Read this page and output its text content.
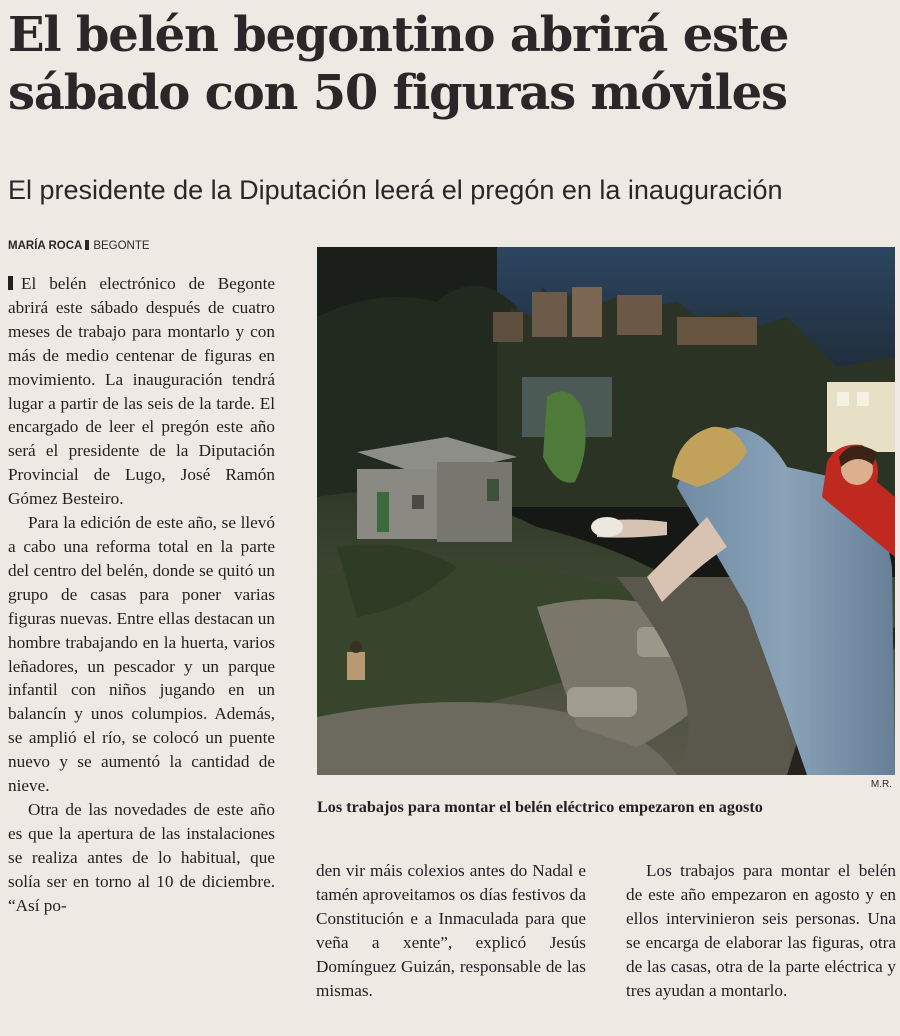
El belén begontino abrirá este
sábado con 50 figuras móviles
El presidente de la Diputación leerá el pregón en la inauguración
MARÍA ROCA BEGONTE

El belén electrónico de Begonte abrirá este sábado después de cuatro meses de trabajo para montarlo y con más de medio centenar de figuras en movimiento. La inauguración tendrá lugar a partir de las seis de la tarde. El encargado de leer el pregón este año será el presidente de la Diputación Provincial de Lugo, José Ramón Gómez Besteiro.

Para la edición de este año, se llevó a cabo una reforma total en la parte del centro del belén, donde se quitó un grupo de casas para poner varias figuras nuevas. Entre ellas destacan un hombre trabajando en la huerta, varios leñadores, un pescador y un parque infantil con niños jugando en un balancín y unos columpios. Además, se amplió el río, se colocó un puente nuevo y se aumentó la cantidad de nieve.

Otra de las novedades de este año es que la apertura de las instalaciones se realiza antes de lo habitual, que solía ser en torno al 10 de diciembre. “Así po-

M.R.

Los trabajos para montar el belén eléctrico empezaron en agosto

den vir máis colexios antes do Nadal e tamén aproveitamos os días festivos da Constitución e a Inmaculada para que veña a xente”, explicó Jesús Domínguez Guizán, responsable de las mismas.

Los trabajos para montar el belén de este año empezaron en agosto y en ellos intervinieron seis personas. Una se encarga de elaborar las figuras, otra de las casas, otra de la parte eléctrica y tres ayudan a montarlo.
